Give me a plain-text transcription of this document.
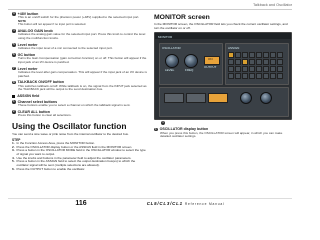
Talkback and Oscillator
3 +48V button
This is an on/off switch for the phantom power (+48V) supplied to the selected input port.
NOTE
This button will not appear if no input port is selected.
4 ANALOG GAIN knob
Indicates the analog gain value for the selected input port. Press this knob to control the level using the multifunction knobs.
5 Level meter
Indicates the input level of a mic connected to the selected input port.
6 GC button
Turns the Gain Compensation (gain correction function) on or off. This button will appear if the input jack of an I/O device is patched.
7 Level meter
Indicates the level after gain compensation. This will appear if the input jack of an I/O device is patched.
8 TALKBACK ON/OFF button
This switches talkback on/off. While talkback is on, the signal from the INPUT jack selected as the TALKBACK jack will be output to the send destination bus.
ASSIGN field
1 Channel select buttons
These buttons enable you to select a channel on which the talkback signal is sent.
2 CLEAR ALL button
Press this button to clear all selections.
Using the Oscillator function
You can send a sine wave or pink noise from the internal oscillator to the desired bus.
STEP
1. In the Function Access Area, press the MONITOR button.
2. Press the OSCILLATOR display button or the ASSIGN field in the MONITOR screen.
3. Press a button in the OSCILLATOR MODE field in the OSCILLATOR window to select the type of signal you want to output.
4. Use the knobs and buttons in the parameter field to adjust the oscillator parameters.
5. Press a button in the ASSIGN field to select the output destination bus(es) to which the oscillator signal will be sent (multiple selections are allowed).
6. Press the OUTPUT button to enable the oscillator.
MONITOR screen
In the MONITOR screen, the OSCILLATOR field lets you check the current oscillator settings, and turn the oscillator on or off.
MONITOR
OSCILLATOR
LEVEL	FREQ
OUTPUT
ON
ASSIGN
1
1 OSCILLATOR display button
When you press this button, the OSCILLATOR screen will appear, in which you can make detailed oscillator settings.
116	CL5/CL3/CL1 Reference Manual
